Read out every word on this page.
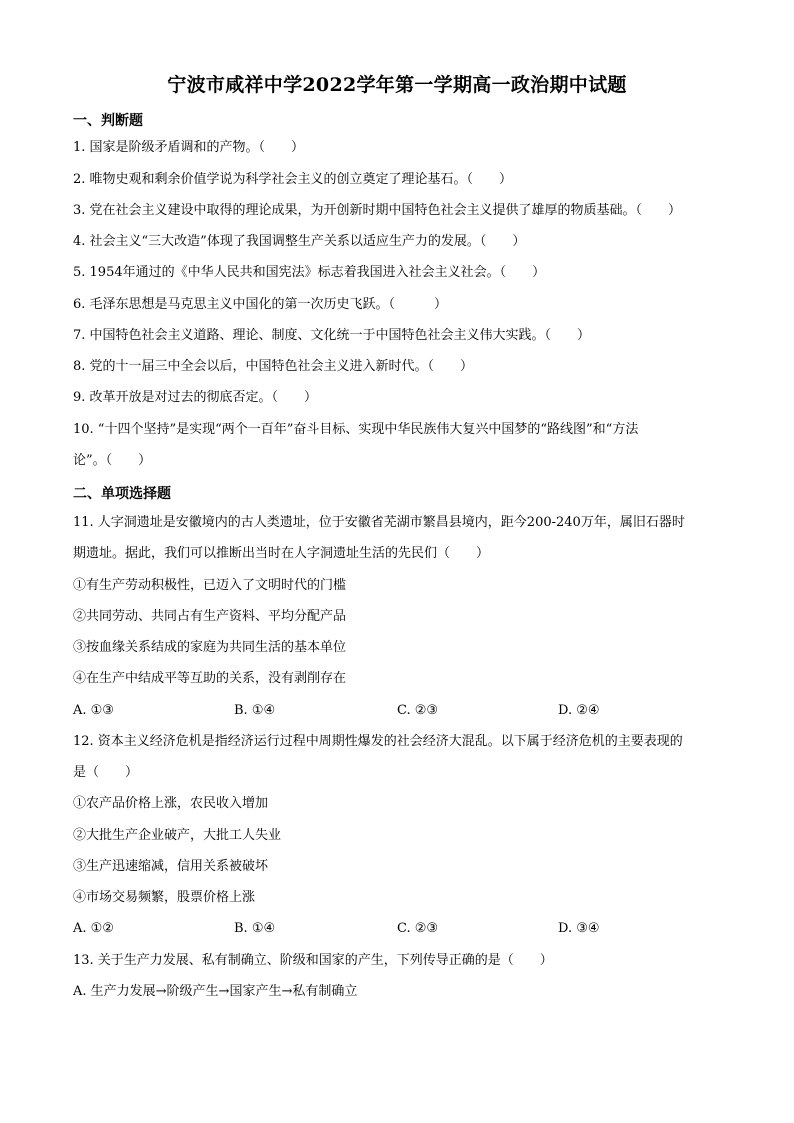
宁波市咸祥中学2022学年第一学期高一政治期中试题
一、判断题
1. 国家是阶级矛盾调和的产物。（　　）
2. 唯物史观和剩余价值学说为科学社会主义的创立奠定了理论基石。（　　）
3. 党在社会主义建设中取得的理论成果，为开创新时期中国特色社会主义提供了雄厚的物质基础。（　　）
4. 社会主义“三大改造”体现了我国调整生产关系以适应生产力的发展。（　　）
5. 1954年通过的《中华人民共和国宪法》标志着我国进入社会主义社会。（　　）
6. 毛泽东思想是马克思主义中国化的第一次历史飞跃。（　　　）
7. 中国特色社会主义道路、理论、制度、文化统一于中国特色社会主义伟大实践。（　　）
8. 党的十一届三中全会以后，中国特色社会主义进入新时代。（　　）
9. 改革开放是对过去的彻底否定。（　　）
10. “十四个坚持”是实现“两个一百年”奋斗目标、实现中华民族伟大复兴中国梦的“路线图”和“方法
论”。（　　）
二、单项选择题
11. 人字洞遗址是安徽境内的古人类遗址，位于安徽省芜湖市繁昌县境内，距今200-240万年，属旧石器时
期遗址。据此，我们可以推断出当时在人字洞遗址生活的先民们（　　）
①有生产劳动积极性，已迈入了文明时代的门槛
②共同劳动、共同占有生产资料、平均分配产品
③按血缘关系结成的家庭为共同生活的基本单位
④在生产中结成平等互助的关系，没有剥削存在
A. ①③	B. ①④	C. ②③	D. ②④
12. 资本主义经济危机是指经济运行过程中周期性爆发的社会经济大混乱。以下属于经济危机的主要表现的
是（　　）
①农产品价格上涨，农民收入增加
②大批生产企业破产，大批工人失业
③生产迅速缩减，信用关系被破坏
④市场交易频繁，股票价格上涨
A. ①②	B. ①④	C. ②③	D. ③④
13. 关于生产力发展、私有制确立、阶级和国家的产生，下列传导正确的是（　　）
A. 生产力发展→阶级产生→国家产生→私有制确立
